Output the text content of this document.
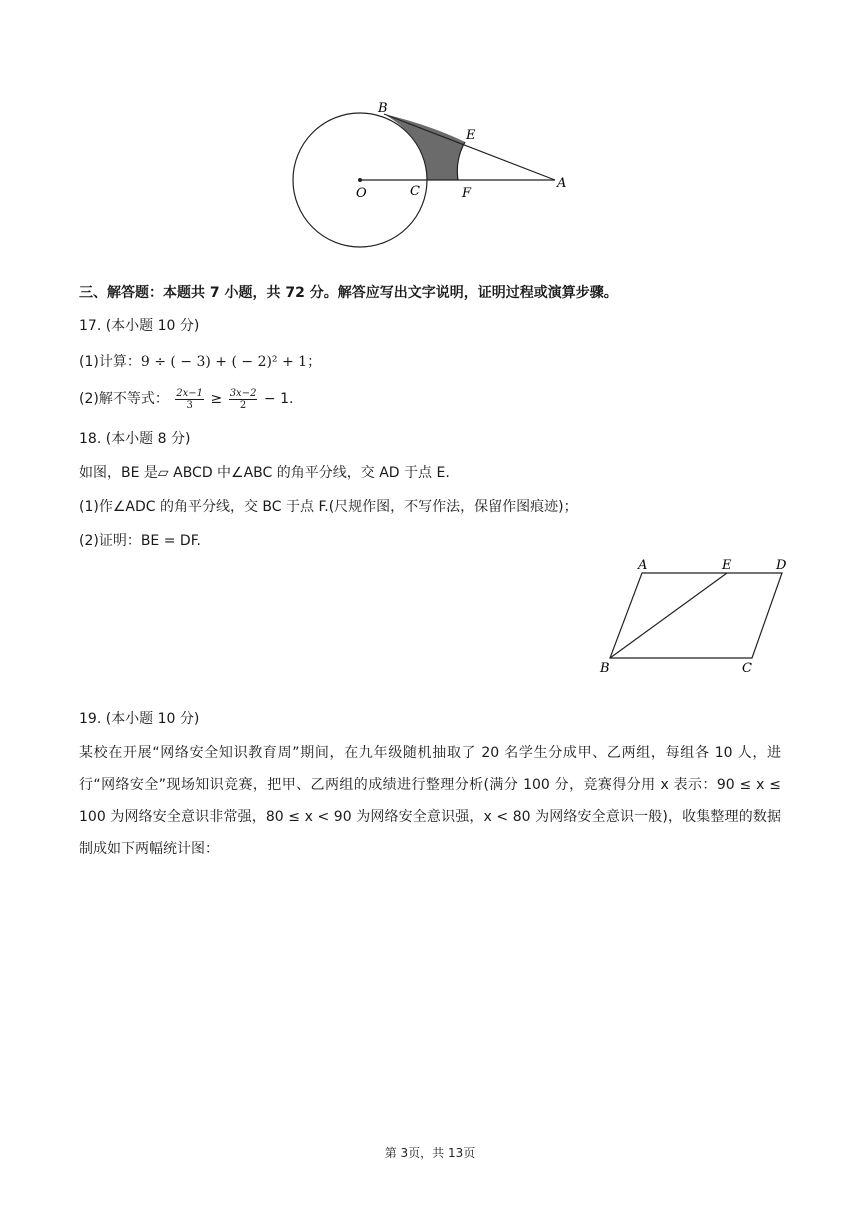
B
E
A
O	C	F
三、解答题：本题共 7 小题，共 72 分。解答应写出文字说明，证明过程或演算步骤。
17. (本小题 10 分)
(1)计算：9 ÷ ( − 3) + ( − 2)² + 1；
(2)解不等式： $\frac{2x-1}{3} \ge \frac{3x-2}{2} - 1$.
18. (本小题 8 分)
如图，BE 是▱ ABCD 中∠ABC 的角平分线，交 AD 于点 E.
(1)作∠ADC 的角平分线，交 BC 于点 F.(尺规作图，不写作法，保留作图痕迹)；
(2)证明：BE = DF.
A	E	D
B	C
19. (本小题 10 分)
某校在开展“网络安全知识教育周”期间，在九年级随机抽取了 20 名学生分成甲、乙两组，每组各 10 人，进行“网络安全”现场知识竞赛，把甲、乙两组的成绩进行整理分析(满分 100 分，竞赛得分用 x 表示：90 ≤ x ≤ 100 为网络安全意识非常强，80 ≤ x < 90 为网络安全意识强，x < 80 为网络安全意识一般)，收集整理的数据制成如下两幅统计图：
第 3页，共 13页
